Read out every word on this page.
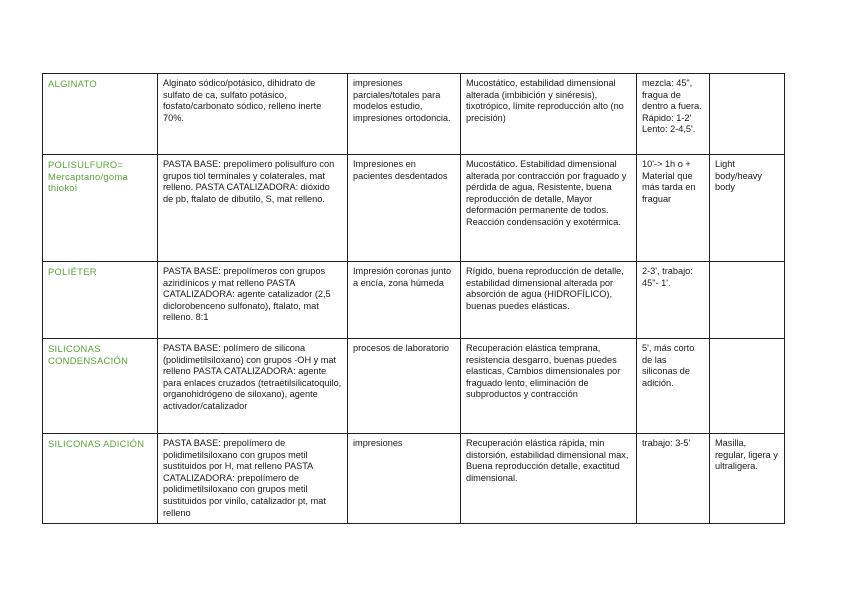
ALGINATO	Alginato sódico/potásico, dihidrato de sulfato de ca, sulfato potásico, fosfato/carbonato sódico, relleno inerte 70%.	impresiones parciales/totales para modelos estudio, impresiones ortodoncia.	Mucostático, estabilidad dimensional alterada (imbibición y sinéresis), tixotrópico, límite reproducción alto (no precisión)	mezcla: 45", fragua de dentro a fuera. Rápido: 1-2' Lento: 2-4,5'.	
POLISULFURO= Mercaptano/goma thiokol	PASTA BASE: prepolímero polisulfuro con grupos tiol terminales y colaterales, mat relleno. PASTA CATALIZADORA: dióxido de pb, ftalato de dibutilo, S, mat relleno.	Impresiones en pacientes desdentados	Mucostático. Estabilidad dimensional alterada por contracción por fraguado y pérdida de agua, Resistente, buena reproducción de detalle, Mayor deformación permanente de todos. Reacción condensación y exotérmica.	10'-> 1h o + Material que más tarda en fraguar	Light body/heavy body
POLIÉTER	PASTA BASE: prepolímeros con grupos aziridínicos y mat relleno PASTA CATALIZADORA: agente catalizador (2,5 diclorobenceno sulfonato), ftalato, mat relleno. 8:1	Impresión coronas junto a encía, zona húmeda	Rígido, buena reproducción de detalle, estabilidad dimensional alterada por absorción de agua (HIDROFÍLICO), buenas puedes elásticas.	2-3', trabajo: 45"- 1'.	
SILICONAS CONDENSACIÓN	PASTA BASE: polímero de silicona (polidimetilsiloxano) con grupos -OH y mat relleno PASTA CATALIZADORA: agente para enlaces cruzados (tetraetilsilicatoquilo, organohidrógeno de siloxano), agente activador/catalizador	procesos de laboratorio	Recuperación elástica temprana, resistencia desgarro, buenas puedes elasticas, Cambios dimensionales por fraguado lento, eliminación de subproductos y contracción	5', más corto de las siliconas de adición.	
SILICONAS ADICIÓN	PASTA BASE: prepolímero de polidimetilsiloxano con grupos metil sustituidos por H, mat relleno PASTA CATALIZADORA: prepolímero de polidimetilsiloxano con grupos metil sustituidos por vinilo, catalizador pt, mat relleno	impresiones	Recuperación elástica rápida, min distorsión, estabilidad dimensional max, Buena reproducción detalle, exactitud dimensional.	trabajo: 3-5'	Masilla, regular, ligera y ultraligera.
